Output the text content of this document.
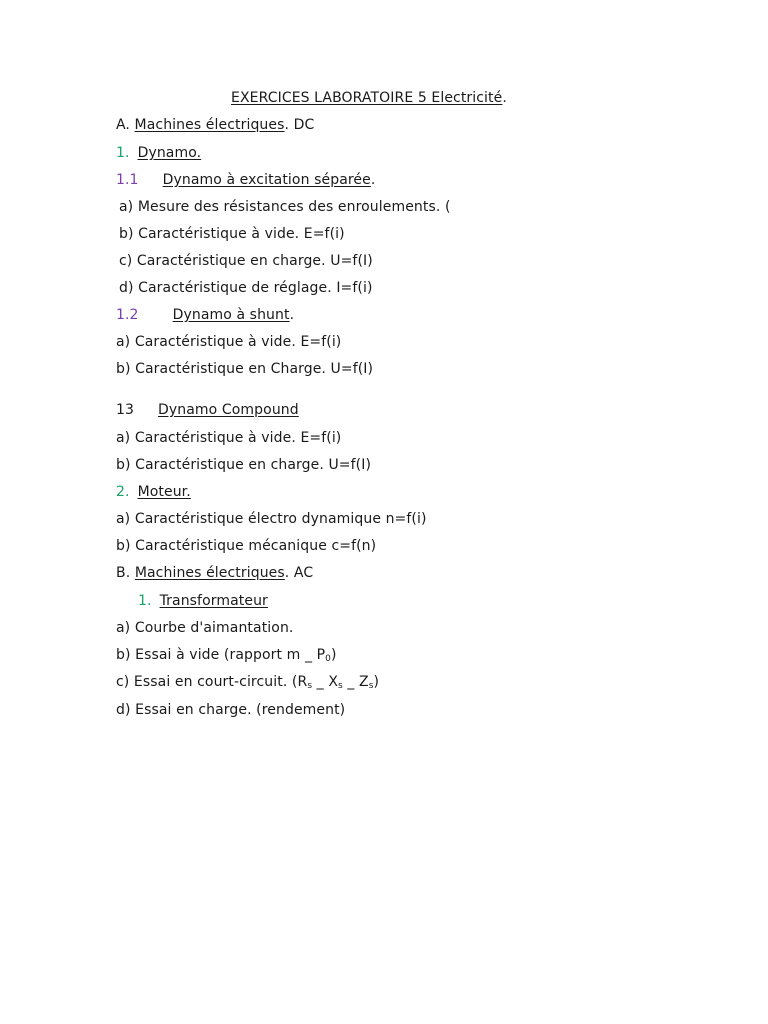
EXERCICES LABORATOIRE 5 Electricité.
A. Machines électriques. DC
1. Dynamo.
1.1 Dynamo à excitation séparée.
a) Mesure des résistances des enroulements. (
b) Caractéristique à vide. E=f(i)
c) Caractéristique en charge. U=f(I)
d) Caractéristique de réglage. I=f(i)
1.2 Dynamo à shunt.
a) Caractéristique à vide. E=f(i)
b) Caractéristique en Charge. U=f(I)
13 Dynamo Compound
a) Caractéristique à vide. E=f(i)
b) Caractéristique en charge. U=f(I)
2. Moteur.
a) Caractéristique électro dynamique n=f(i)
b) Caractéristique mécanique c=f(n)
B. Machines électriques. AC
1. Transformateur
a) Courbe d'aimantation.
b) Essai à vide (rapport m _ $P_0$)
c) Essai en court-circuit. ($R_s$ _ $X_s$ _ $Z_s$)
d) Essai en charge. (rendement)
